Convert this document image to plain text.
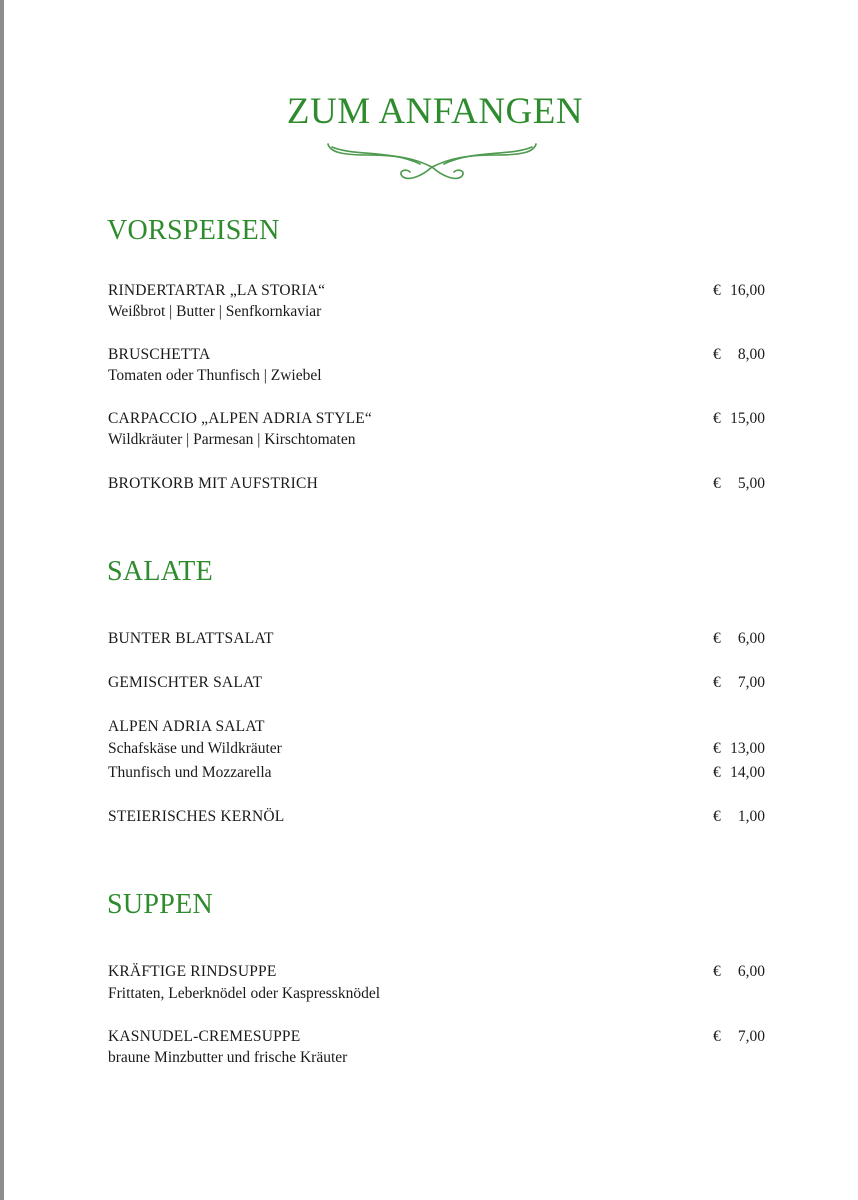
ZUM ANFANGEN
VORSPEISEN
RINDERTARTAR „LA STORIA“	€ 16,00
Weißbrot | Butter | Senfkornkaviar
BRUSCHETTA	€ 8,00
Tomaten oder Thunfisch | Zwiebel
CARPACCIO „ALPEN ADRIA STYLE“	€ 15,00
Wildkräuter | Parmesan | Kirschtomaten
BROTKORB MIT AUFSTRICH	€ 5,00
SALATE
BUNTER BLATTSALAT	€ 6,00
GEMISCHTER SALAT	€ 7,00
ALPEN ADRIA SALAT
Schafskäse und Wildkräuter	€ 13,00
Thunfisch und Mozzarella	€ 14,00
STEIERISCHES KERNÖL	€ 1,00
SUPPEN
KRÄFTIGE RINDSUPPE	€ 6,00
Frittaten, Leberknödel oder Kaspressknödel
KASNUDEL-CREMESUPPE	€ 7,00
braune Minzbutter und frische Kräuter
